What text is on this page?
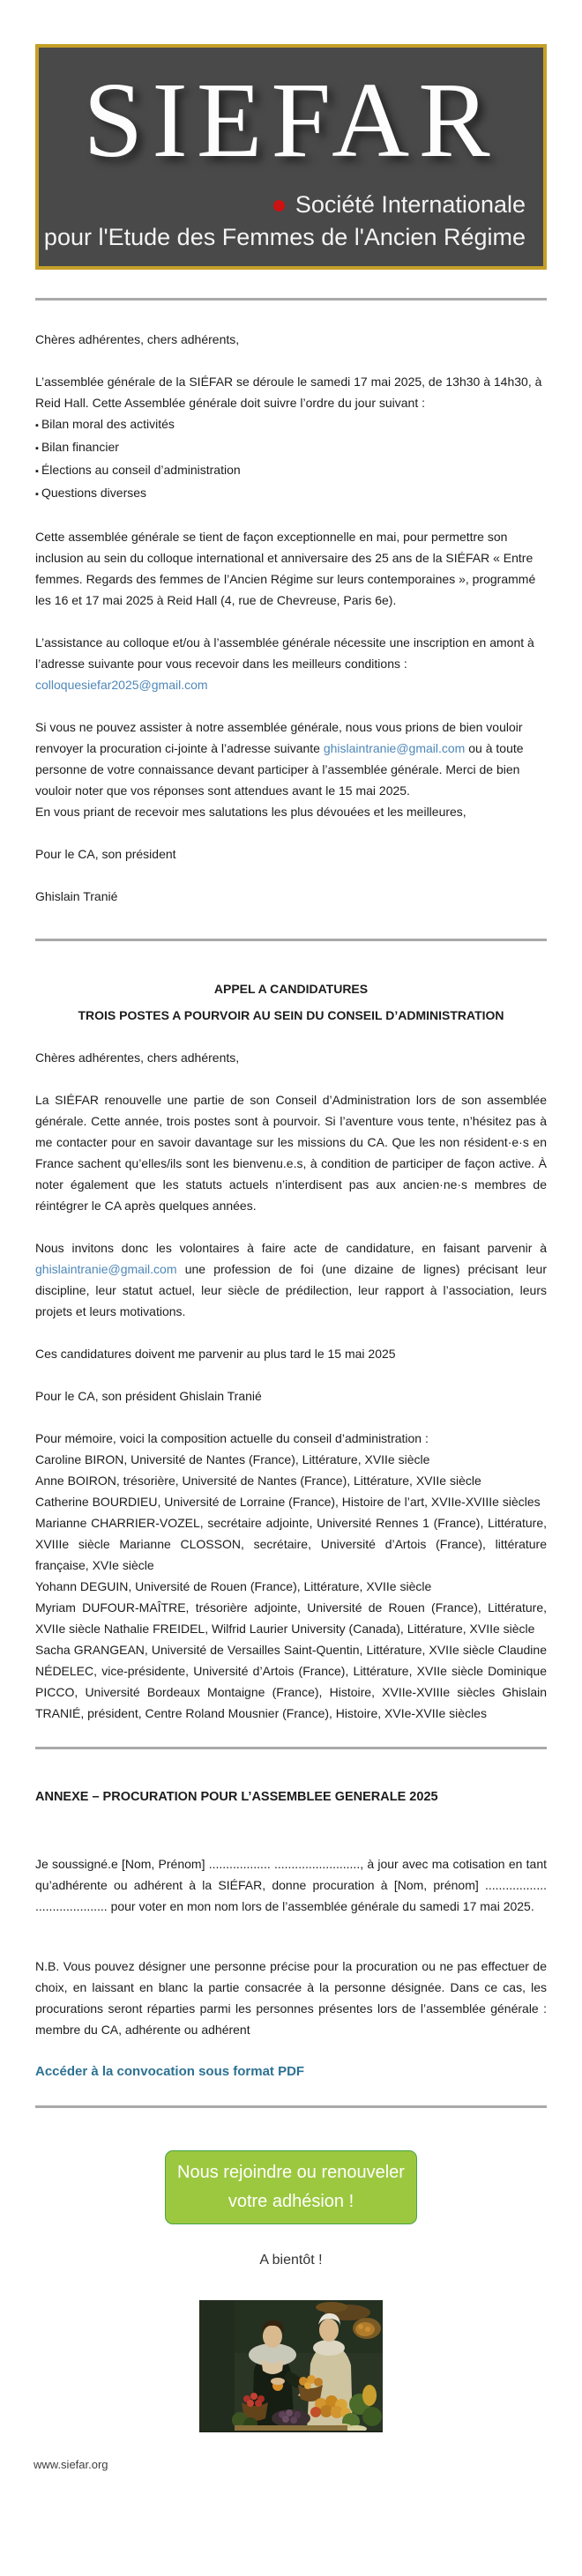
SIEFAR
Société Internationale
pour l'Etude des Femmes de l'Ancien Régime

Chères adhérentes, chers adhérents,

L’assemblée générale de la SIÉFAR se déroule le samedi 17 mai 2025, de 13h30 à 14h30, à Reid Hall. Cette Assemblée générale doit suivre l’ordre du jour suivant :

▪ Bilan moral des activités
▪ Bilan financier
▪ Élections au conseil d’administration
▪ Questions diverses

Cette assemblée générale se tient de façon exceptionnelle en mai, pour permettre son inclusion au sein du colloque international et anniversaire des 25 ans de la SIÉFAR « Entre femmes. Regards des femmes de l’Ancien Régime sur leurs contemporaines », programmé les 16 et 17 mai 2025 à Reid Hall (4, rue de Chevreuse, Paris 6e).

L’assistance au colloque et/ou à l’assemblée générale nécessite une inscription en amont à l’adresse suivante pour vous recevoir dans les meilleurs conditions :
colloquesiefar2025@gmail.com

Si vous ne pouvez assister à notre assemblée générale, nous vous prions de bien vouloir renvoyer la procuration ci-jointe à l’adresse suivante ghislaintranie@gmail.com ou à toute personne de votre connaissance devant participer à l’assemblée générale. Merci de bien vouloir noter que vos réponses sont attendues avant le 15 mai 2025.

En vous priant de recevoir mes salutations les plus dévouées et les meilleures,

Pour le CA, son président

Ghislain Tranié

APPEL A CANDIDATURES
TROIS POSTES A POURVOIR AU SEIN DU CONSEIL D’ADMINISTRATION

Chères adhérentes, chers adhérents,

La SIÉFAR renouvelle une partie de son Conseil d’Administration lors de son assemblée générale. Cette année, trois postes sont à pourvoir. Si l’aventure vous tente, n’hésitez pas à me contacter pour en savoir davantage sur les missions du CA. Que les non résident·e·s en France sachent qu’elles/ils sont les bienvenu.e.s, à condition de participer de façon active. À noter également que les statuts actuels n’interdisent pas aux ancien·ne·s membres de réintégrer le CA après quelques années.

Nous invitons donc les volontaires à faire acte de candidature, en faisant parvenir à ghislaintranie@gmail.com une profession de foi (une dizaine de lignes) précisant leur discipline, leur statut actuel, leur siècle de prédilection, leur rapport à l’association, leurs projets et leurs motivations.

Ces candidatures doivent me parvenir au plus tard le 15 mai 2025

Pour le CA, son président Ghislain Tranié

Pour mémoire, voici la composition actuelle du conseil d’administration :
Caroline BIRON, Université de Nantes (France), Littérature, XVIIe siècle
Anne BOIRON, trésorière, Université de Nantes (France), Littérature, XVIIe siècle
Catherine BOURDIEU, Université de Lorraine (France), Histoire de l’art, XVIIe-XVIIIe siècles
Marianne CHARRIER-VOZEL, secrétaire adjointe, Université Rennes 1 (France), Littérature, XVIIIe siècle Marianne CLOSSON, secrétaire, Université d’Artois (France), littérature française, XVIe siècle
Yohann DEGUIN, Université de Rouen (France), Littérature, XVIIe siècle
Myriam DUFOUR-MAÎTRE, trésorière adjointe, Université de Rouen (France), Littérature, XVIIe siècle Nathalie FREIDEL, Wilfrid Laurier University (Canada), Littérature, XVIIe siècle
Sacha GRANGEAN, Université de Versailles Saint-Quentin, Littérature, XVIIe siècle Claudine NÉDELEC, vice-présidente, Université d’Artois (France), Littérature, XVIIe siècle Dominique PICCO, Université Bordeaux Montaigne (France), Histoire, XVIIe-XVIIIe siècles Ghislain TRANIÉ, président, Centre Roland Mousnier (France), Histoire, XVIe-XVIIe siècles
ANNEXE – PROCURATION POUR L’ASSEMBLEE GENERALE 2025

Je soussigné.e [Nom, Prénom] .................. ........................., à jour avec ma cotisation en tant qu’adhérente ou adhérent à la SIÉFAR, donne procuration à [Nom, prénom] .................. ..................... pour voter en mon nom lors de l’assemblée générale du samedi 17 mai 2025.

N.B. Vous pouvez désigner une personne précise pour la procuration ou ne pas effectuer de choix, en laissant en blanc la partie consacrée à la personne désignée. Dans ce cas, les procurations seront réparties parmi les personnes présentes lors de l’assemblée générale : membre du CA, adhérente ou adhérent

Accéder à la convocation sous format PDF
Nous rejoindre ou renouveler votre adhésion !
A bientôt !
www.siefar.org
